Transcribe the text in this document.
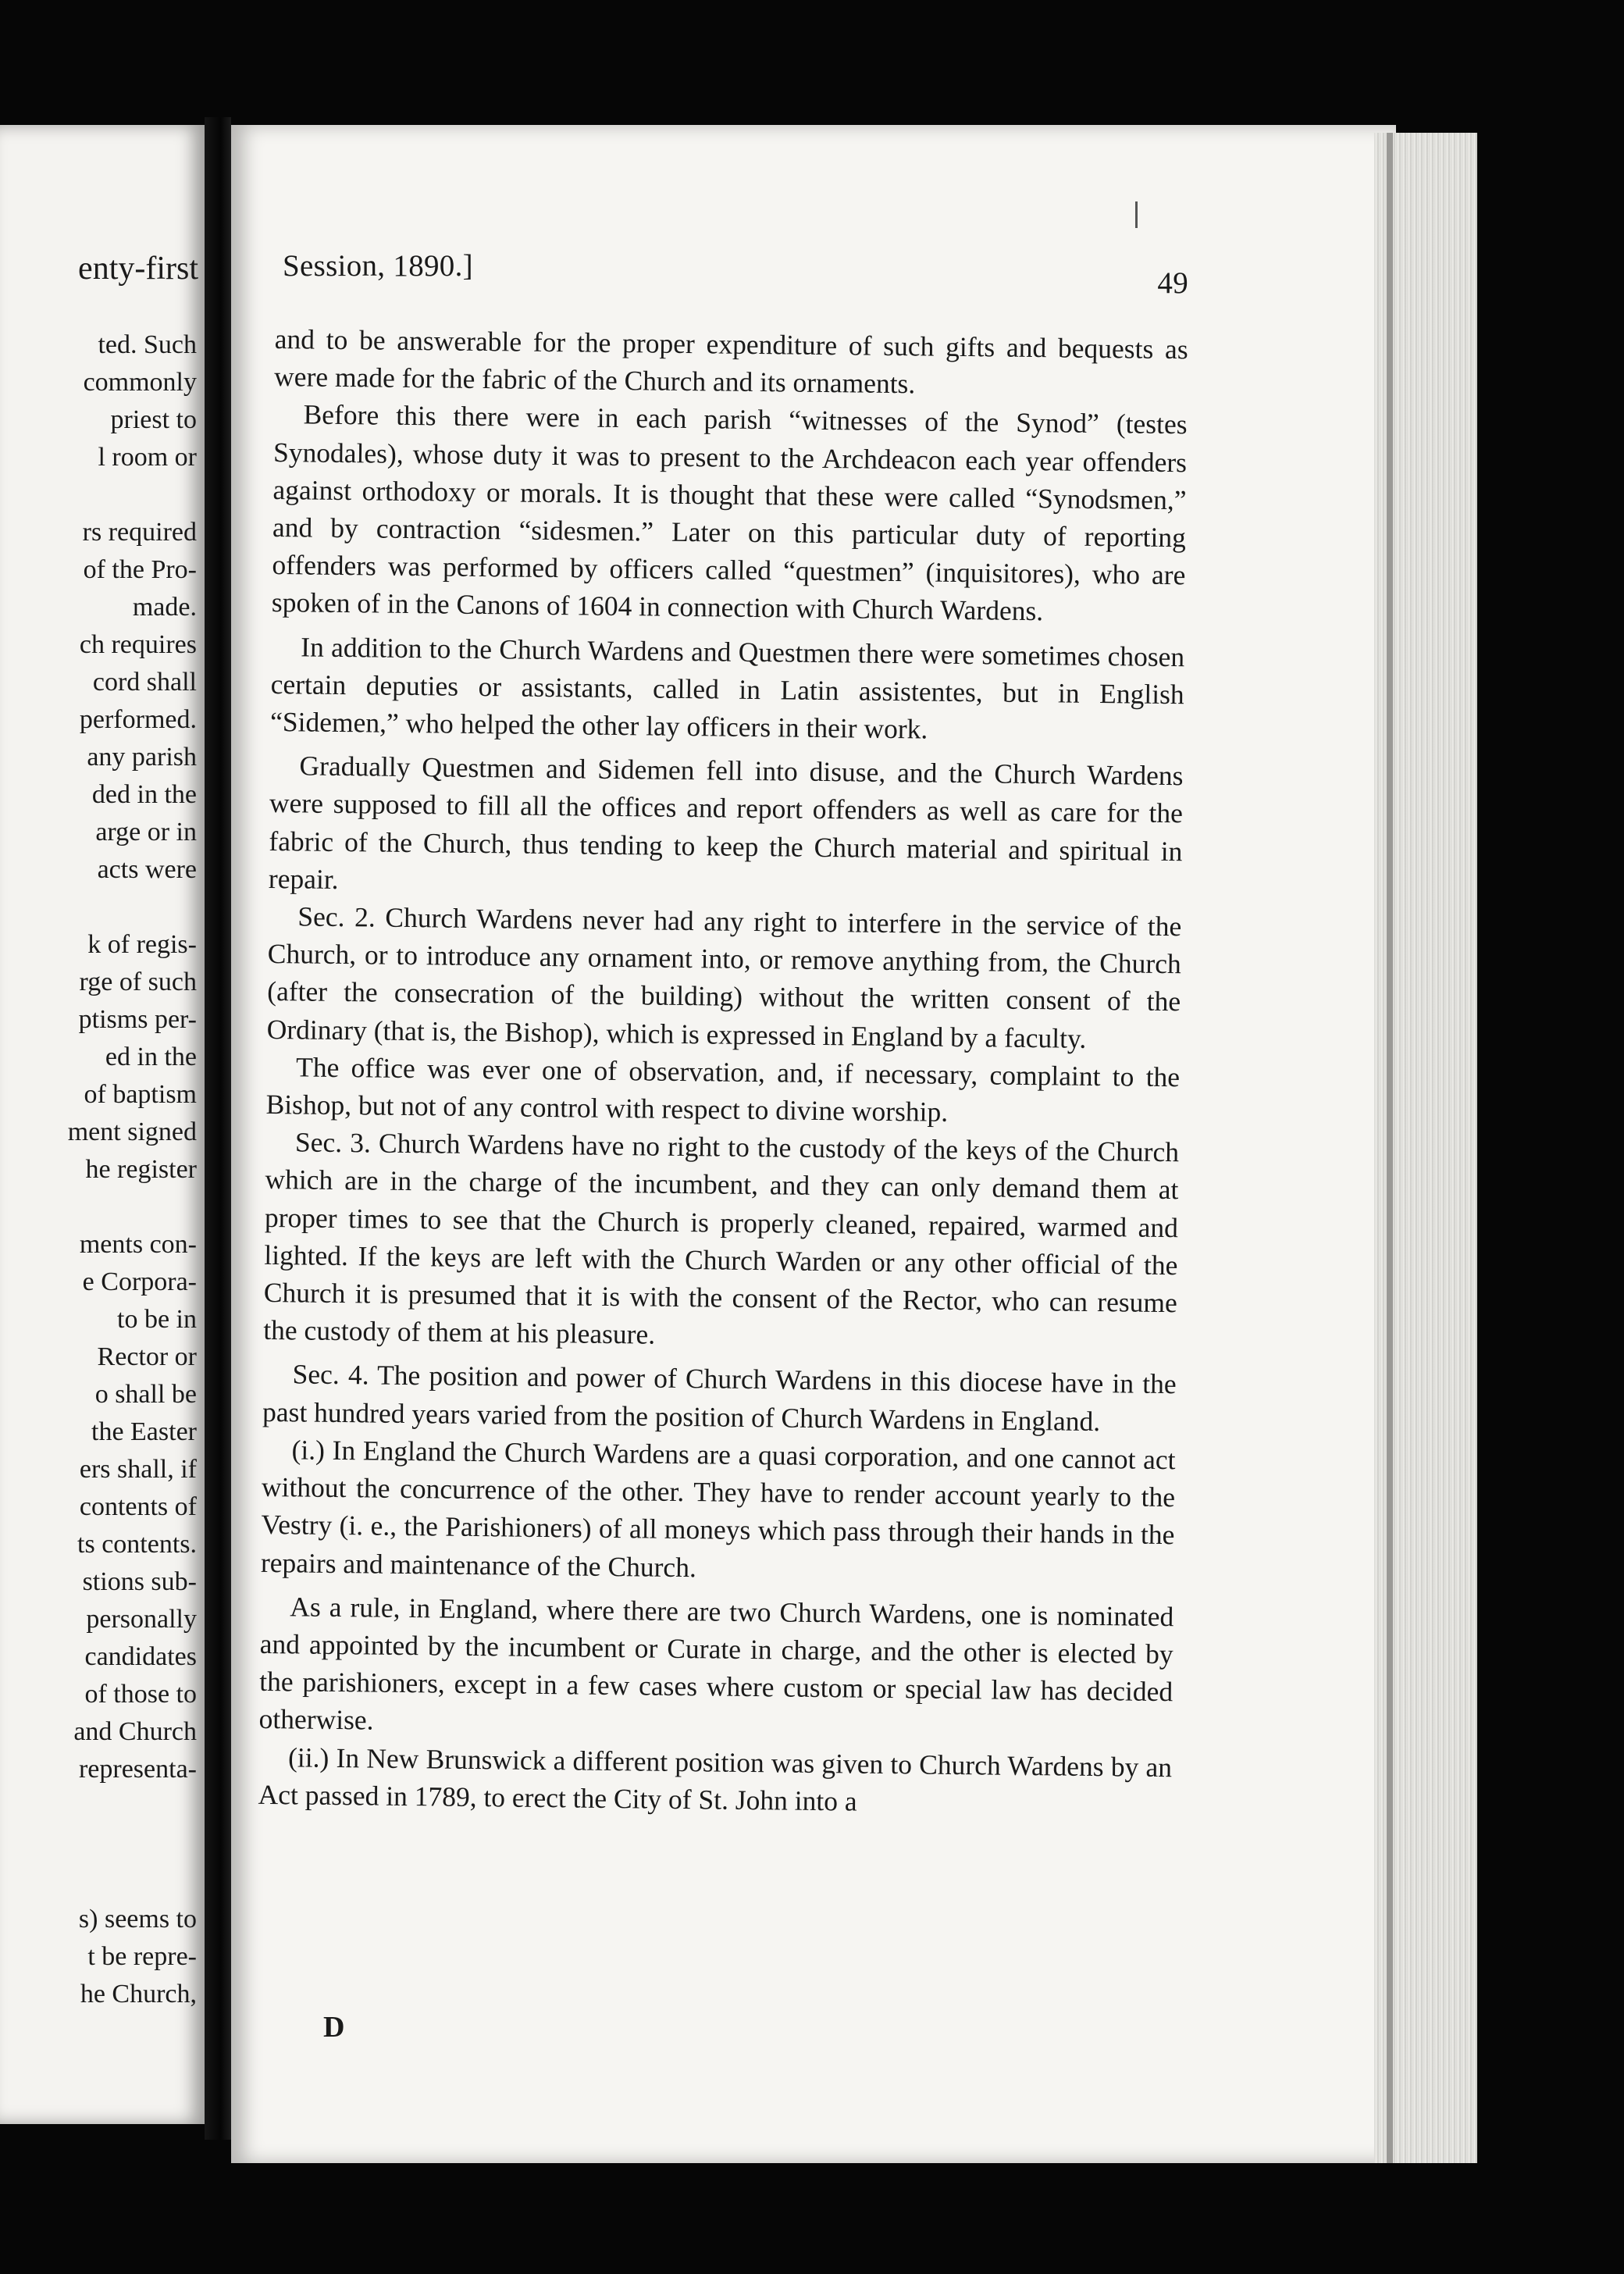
enty-first
ted. Such
commonly
priest to
l room or
rs required
of the Pro-
made.
ch requires
cord shall
performed.
any parish
ded in the
arge or in
acts were
k of regis-
rge of such
ptisms per-
ed in the
of baptism
ment signed
he register
ments con-
e Corpora-
to be in
Rector or
o shall be
the Easter
ers shall, if
contents of
ts contents.
stions sub-
personally
candidates
of those to
and Church
representa-
s) seems to
t be repre-
he Church,
Session, 1890.]
49

and to be answerable for the proper expenditure of such gifts and bequests as were made for the fabric of the Church and its ornaments.

Before this there were in each parish “witnesses of the Synod” (testes Synodales), whose duty it was to present to the Archdeacon each year offenders against orthodoxy or morals. It is thought that these were called “Synodsmen,” and by contraction “sidesmen.” Later on this particular duty of reporting offenders was performed by officers called “questmen” (inquisitores), who are spoken of in the Canons of 1604 in connection with Church Wardens.

In addition to the Church Wardens and Questmen there were sometimes chosen certain deputies or assistants, called in Latin assistentes, but in English “Sidemen,” who helped the other lay officers in their work.

Gradually Questmen and Sidemen fell into disuse, and the Church Wardens were supposed to fill all the offices and report offenders as well as care for the fabric of the Church, thus tending to keep the Church material and spiritual in repair.

Sec. 2. Church Wardens never had any right to interfere in the service of the Church, or to introduce any ornament into, or remove anything from, the Church (after the consecration of the building) without the written consent of the Ordinary (that is, the Bishop), which is expressed in England by a faculty.

The office was ever one of observation, and, if necessary, complaint to the Bishop, but not of any control with respect to divine worship.

Sec. 3. Church Wardens have no right to the custody of the keys of the Church which are in the charge of the incumbent, and they can only demand them at proper times to see that the Church is properly cleaned, repaired, warmed and lighted. If the keys are left with the Church Warden or any other official of the Church it is presumed that it is with the consent of the Rector, who can resume the custody of them at his pleasure.

Sec. 4. The position and power of Church Wardens in this diocese have in the past hundred years varied from the position of Church Wardens in England.

(i.) In England the Church Wardens are a quasi corporation, and one cannot act without the concurrence of the other. They have to render account yearly to the Vestry (i. e., the Parishioners) of all moneys which pass through their hands in the repairs and maintenance of the Church.

As a rule, in England, where there are two Church Wardens, one is nominated and appointed by the incumbent or Curate in charge, and the other is elected by the parishioners, except in a few cases where custom or special law has decided otherwise.

(ii.) In New Brunswick a different position was given to Church Wardens by an Act passed in 1789, to erect the City of St. John into a

D
